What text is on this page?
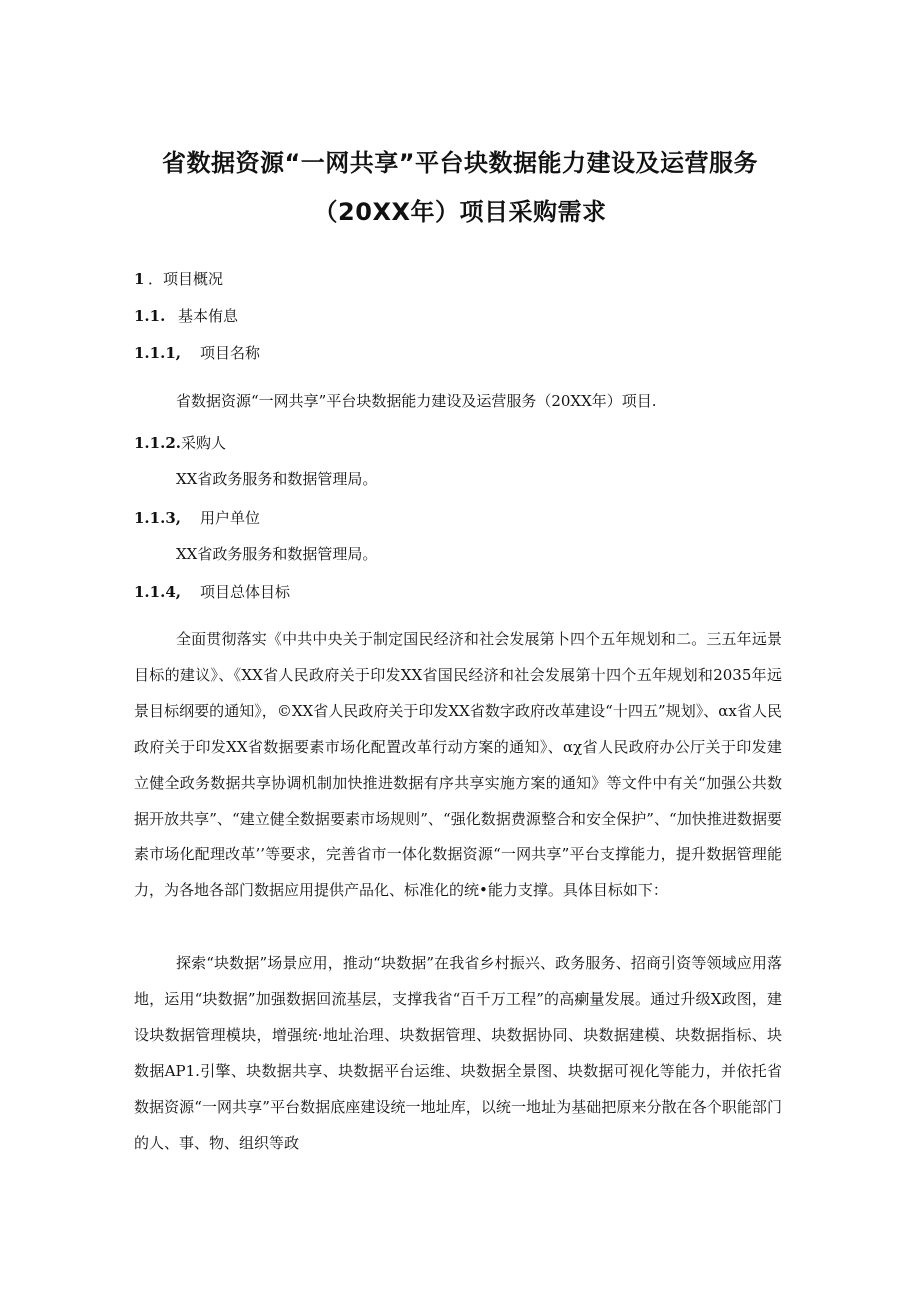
省数据资源“一网共享”平台块数据能力建设及运营服务
（20XX年）项目采购需求
1 ．项目概况
1.1. 基本侑息
1.1.1, 项目名称
省数据资源“一网共享”平台块数据能力建设及运营服务（20XX年）项目.
1.1.2.采购人
XX省政务服务和数据管理局。
1.1.3, 用户单位
XX省政务服务和数据管理局。
1.1.4, 项目总体目标

全面贯彻落实《中共中央关于制定国民经济和社会发展第卜四个五年规划和二。三五年远景目标的建议》、《XX省人民政府关于印发XX省国民经济和社会发展第十四个五年规划和2035年远景目标纲要的通知》，©XX省人民政府关于印发XX省数字政府改革建设“十四五”规划》、αx省人民政府关于印发XX省数据要素市场化配置改革行动方案的通知》、αχ省人民政府办公厅关于印发建立健全政务数据共享协调机制加快推进数据有序共享实施方案的通知》等文件中有关“加强公共数据开放共享”、“建立健全数据要素市场规则”、“强化数据费源整合和安全保护”、“加快推进数据要素市场化配理改革’’等要求，完善省市一体化数据资源“一网共享”平台支撑能力，提升数据管理能力，为各地各部门数据应用提供产品化、标准化的统•能力支撑。具体目标如下：

探索“块数据”场景应用，推动“块数据”在我省乡村振兴、政务服务、招商引资等领域应用落地，运用“块数据”加强数据回流基层，支撑我省“百千万工程”的高瘌量发展。通过升级X政图，建设块数据管理模块，增强统·地址治理、块数据管理、块数据协同、块数据建模、块数据指标、块数据AP1.引擎、块数据共享、块数据平台运维、块数据全景图、块数据可视化等能力，并依托省数据资源“一网共享”平台数据底座建设统一地址库，以统一地址为基础把原来分散在各个职能部门的人、事、物、组织等政
